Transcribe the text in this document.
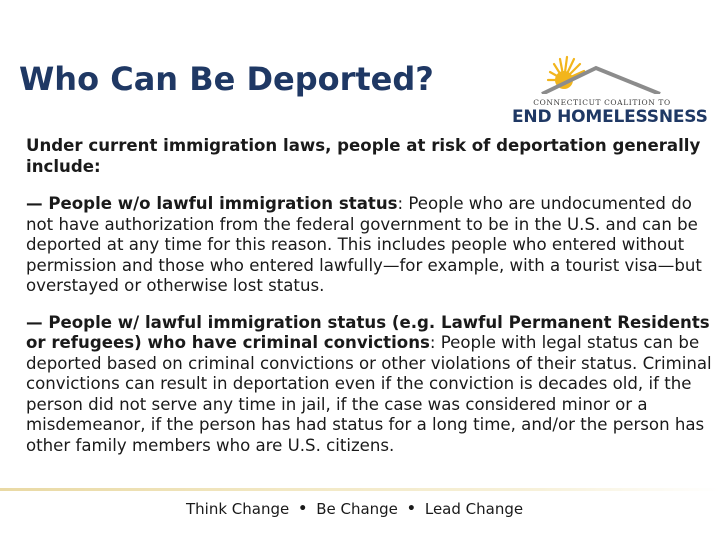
Who Can Be Deported?
CONNECTICUT COALITION TO
END HOMELESSNESS

Under current immigration laws, people at risk of deportation generally include:

— People w/o lawful immigration status: People who are undocumented do not have authorization from the federal government to be in the U.S. and can be deported at any time for this reason. This includes people who entered without permission and those who entered lawfully—for example, with a tourist visa—but overstayed or otherwise lost status.

— People w/ lawful immigration status (e.g. Lawful Permanent Residents or refugees) who have criminal convictions: People with legal status can be deported based on criminal convictions or other violations of their status. Criminal convictions can result in deportation even if the conviction is decades old, if the person did not serve any time in jail, if the case was considered minor or a misdemeanor, if the person has had status for a long time, and/or the person has other family members who are U.S. citizens.

Think Change • Be Change • Lead Change
